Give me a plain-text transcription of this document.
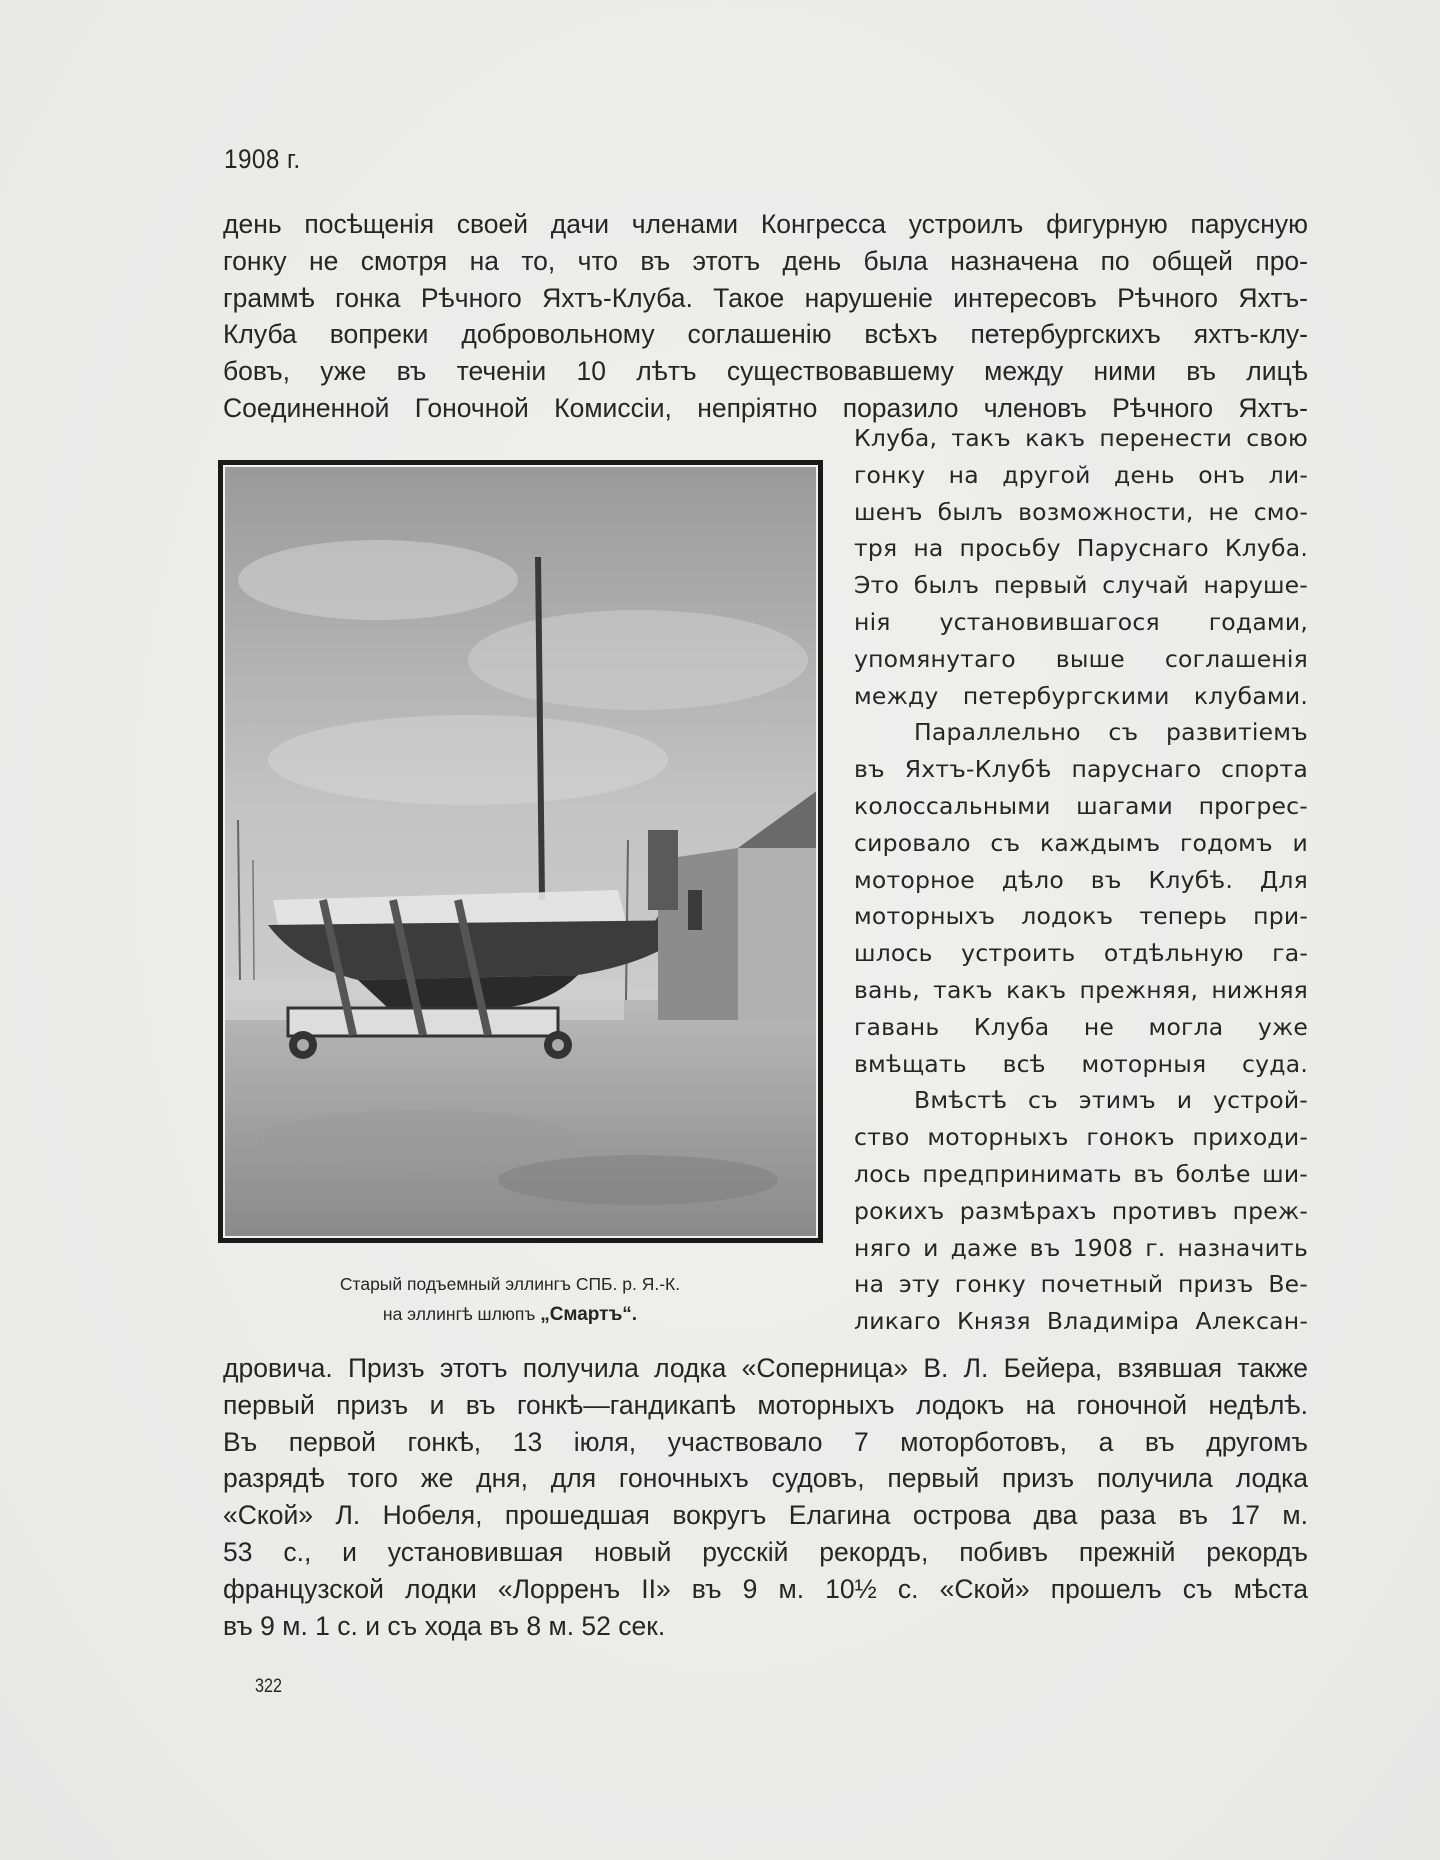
1908 г.
день посѣщенія своей дачи членами Конгресса устроилъ фигурную парусную
гонку не смотря на то, что въ этотъ день была назначена по общей про-
граммѣ гонка Рѣчного Яхтъ-Клуба. Такое нарушеніе интересовъ Рѣчного Яхтъ-
Клуба вопреки добровольному соглашенію всѣхъ петербургскихъ яхтъ-клу-
бовъ, уже въ теченіи 10 лѣтъ существовавшему между ними въ лицѣ
Соединенной Гоночной Комиссіи, непріятно поразило членовъ Рѣчного Яхтъ-
Клуба, такъ какъ перенести свою
гонку на другой день онъ ли-
шенъ былъ возможности, не смо-
тря на просьбу Паруснаго Клуба.
Это былъ первый случай наруше-
нія установившагося годами,
упомянутаго выше соглашенія
между петербургскими клубами.
Параллельно съ развитіемъ
въ Яхтъ-Клубѣ паруснаго спорта
колоссальными шагами прогрес-
сировало съ каждымъ годомъ и
моторное дѣло въ Клубѣ. Для
моторныхъ лодокъ теперь при-
шлось устроить отдѣльную га-
вань, такъ какъ прежняя, нижняя
гавань Клуба не могла уже
вмѣщать всѣ моторныя суда.
Вмѣстѣ съ этимъ и устрой-
ство моторныхъ гонокъ приходи-
лось предпринимать въ болѣе ши-
рокихъ размѣрахъ противъ преж-
няго и даже въ 1908 г. назначить
на эту гонку почетный призъ Ве-
ликаго Князя Владиміра Алексан-
дровича. Призъ этотъ получила лодка «Соперница» В. Л. Бейера, взявшая также
первый призъ и въ гонкѣ—гандикапѣ моторныхъ лодокъ на гоночной недѣлѣ.
Въ первой гонкѣ, 13 іюля, участвовало 7 моторботовъ, а въ другомъ
разрядѣ того же дня, для гоночныхъ судовъ, первый призъ получила лодка
«Ской» Л. Нобеля, прошедшая вокругъ Елагина острова два раза въ 17 м.
53 с., и установившая новый русскій рекордъ, побивъ прежній рекордъ
французской лодки «Лорренъ II» въ 9 м. 10½ с. «Ской» прошелъ съ мѣста
въ 9 м. 1 с. и съ хода въ 8 м. 52 сек.
Старый подъемный эллингъ СПБ. р. Я.-К.
на эллингѣ шлюпъ „Смартъ“.
322
